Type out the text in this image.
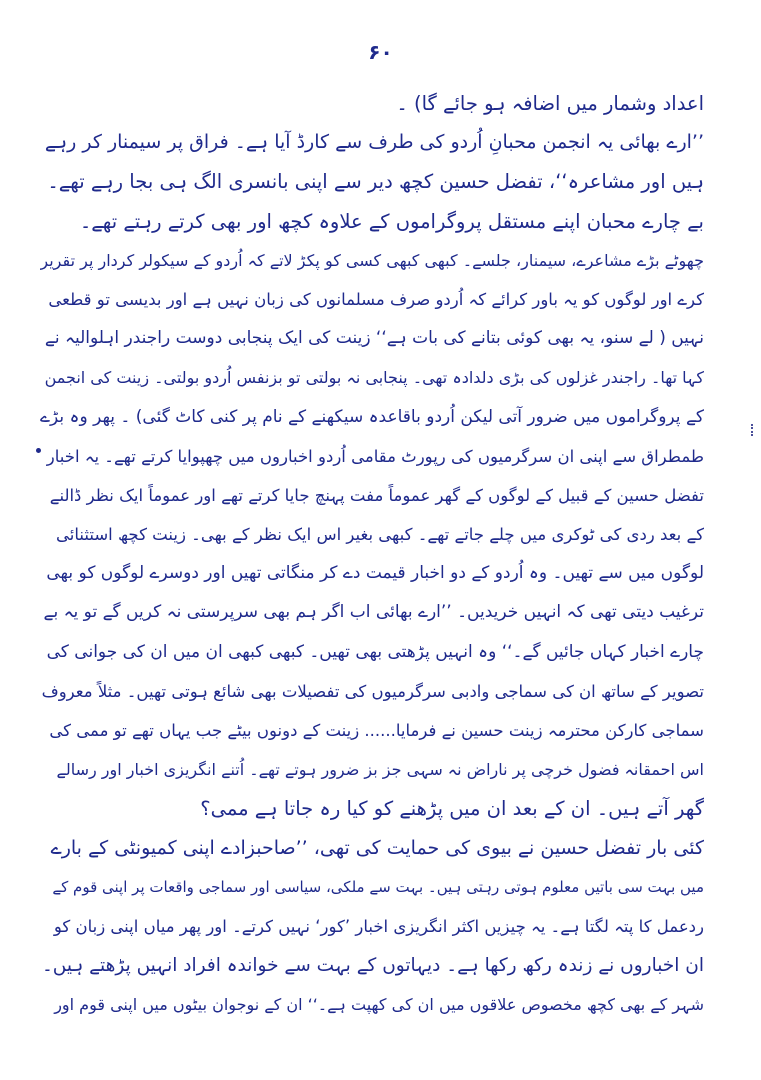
۶۰
اعداد وشمار میں اضافہ ہو جائے گا) ۔
’’ارے بھائی یہ انجمن محبانِ اُردو کی طرف سے کارڈ آیا ہے۔ فراق پر سیمنار کر رہے
ہیں اور مشاعرہ‘‘، تفضل حسین کچھ دیر سے اپنی بانسری الگ ہی بجا رہے تھے۔
بے چارے محبان اپنے مستقل پروگراموں کے علاوہ کچھ اور بھی کرتے رہتے تھے۔
چھوٹے بڑے مشاعرے، سیمنار، جلسے۔ کبھی کبھی کسی کو پکڑ لاتے کہ اُردو کے سیکولر کردار پر تقریر
کرے اور لوگوں کو یہ باور کرائے کہ اُردو صرف مسلمانوں کی زبان نہیں ہے اور بدیسی تو قطعی
نہیں ( لے سنو، یہ بھی کوئی بتانے کی بات ہے‘‘ زینت کی ایک پنجابی دوست راجندر اہلوالیہ نے
کہا تھا۔ راجندر غزلوں کی بڑی دلدادہ تھی۔ پنجابی نہ بولتی تو بزنفس اُردو بولتی۔ زینت کی انجمن
کے پروگراموں میں ضرور آتی لیکن اُردو باقاعدہ سیکھنے کے نام پر کنی کاٹ گئی) ۔ پھر وہ بڑے
طمطراق سے اپنی ان سرگرمیوں کی رپورٹ مقامی اُردو اخباروں میں چھپوایا کرتے تھے۔ یہ اخبار
تفضل حسین کے قبیل کے لوگوں کے گھر عموماً مفت پہنچ جایا کرتے تھے اور عموماً ایک نظر ڈالنے
کے بعد ردی کی ٹوکری میں چلے جاتے تھے۔ کبھی بغیر اس ایک نظر کے بھی۔ زینت کچھ استثنائی
لوگوں میں سے تھیں۔ وہ اُردو کے دو اخبار قیمت دے کر منگاتی تھیں اور دوسرے لوگوں کو بھی
ترغیب دیتی تھی کہ انہیں خریدیں۔ ’’ارے بھائی اب اگر ہم بھی سرپرستی نہ کریں گے تو یہ بے
چارے اخبار کہاں جائیں گے۔‘‘ وہ انہیں پڑھتی بھی تھیں۔ کبھی کبھی ان میں ان کی جوانی کی
تصویر کے ساتھ ان کی سماجی وادبی سرگرمیوں کی تفصیلات بھی شائع ہوتی تھیں۔ مثلاً معروف
سماجی کارکن محترمہ زینت حسین نے فرمایا...... زینت کے دونوں بیٹے جب یہاں تھے تو ممی کی
اس احمقانہ فضول خرچی پر ناراض نہ سہی جز بز ضرور ہوتے تھے۔ اُتنے انگریزی اخبار اور رسالے
گھر آتے ہیں۔ ان کے بعد ان میں پڑھنے کو کیا رہ جاتا ہے ممی؟
کئی بار تفضل حسین نے بیوی کی حمایت کی تھی، ’’صاحبزادے اپنی کمیونٹی کے بارے
میں بہت سی باتیں معلوم ہوتی رہتی ہیں۔ بہت سے ملکی، سیاسی اور سماجی واقعات پر اپنی قوم کے
ردعمل کا پتہ لگتا ہے۔ یہ چیزیں اکثر انگریزی اخبار ’کور‘ نہیں کرتے۔ اور پھر میاں اپنی زبان کو
ان اخباروں نے زندہ رکھ رکھا ہے۔ دیہاتوں کے بہت سے خواندہ افراد انہیں پڑھتے ہیں۔
شہر کے بھی کچھ مخصوص علاقوں میں ان کی کھپت ہے۔‘‘ ان کے نوجوان بیٹوں میں اپنی قوم اور
